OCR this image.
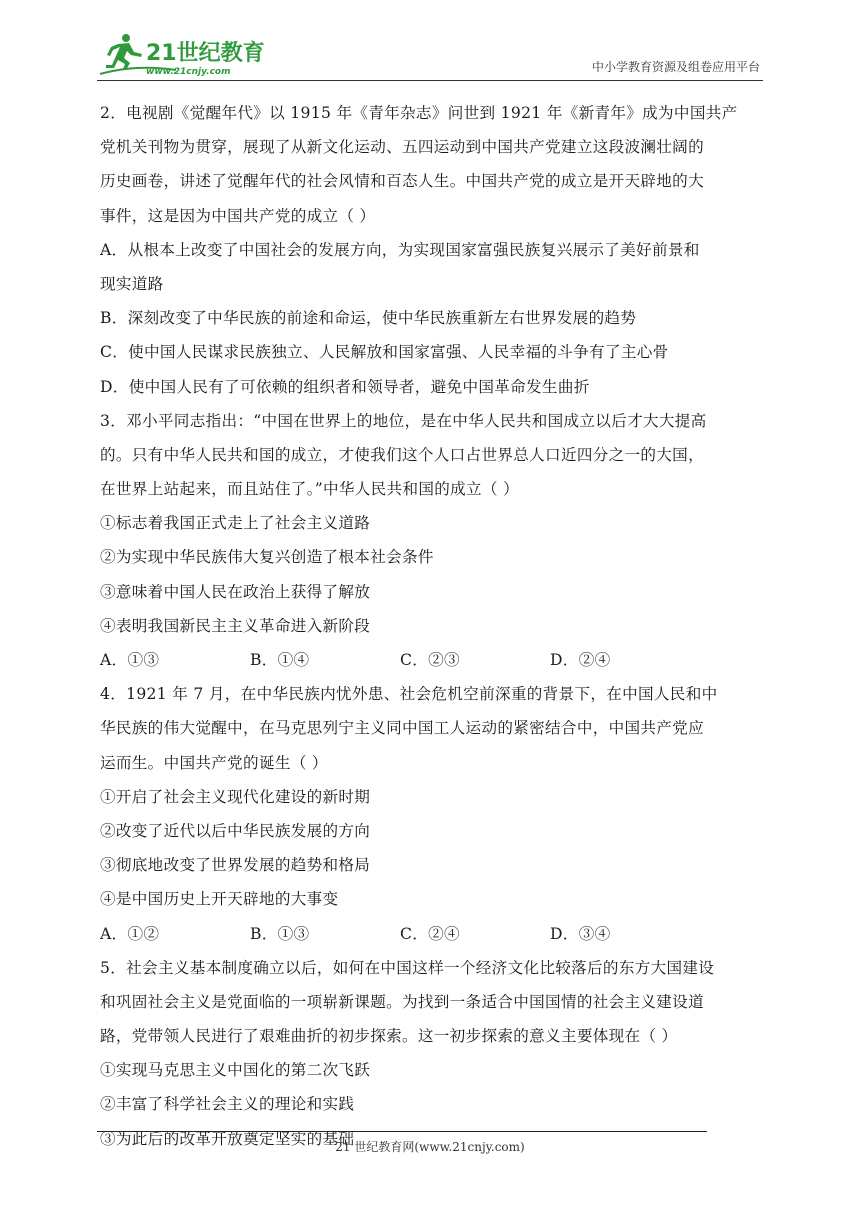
21世纪教育
www.21cnjy.com	中小学教育资源及组卷应用平台
2．电视剧《觉醒年代》以 1915 年《青年杂志》问世到 1921 年《新青年》成为中国共产
党机关刊物为贯穿，展现了从新文化运动、五四运动到中国共产党建立这段波澜壮阔的
历史画卷，讲述了觉醒年代的社会风情和百态人生。中国共产党的成立是开天辟地的大
事件，这是因为中国共产党的成立（ ）
A．从根本上改变了中国社会的发展方向，为实现国家富强民族复兴展示了美好前景和
现实道路
B．深刻改变了中华民族的前途和命运，使中华民族重新左右世界发展的趋势
C．使中国人民谋求民族独立、人民解放和国家富强、人民幸福的斗争有了主心骨
D．使中国人民有了可依赖的组织者和领导者，避免中国革命发生曲折
3．邓小平同志指出：“中国在世界上的地位，是在中华人民共和国成立以后才大大提高
的。只有中华人民共和国的成立，才使我们这个人口占世界总人口近四分之一的大国，
在世界上站起来，而且站住了。”中华人民共和国的成立（ ）
①标志着我国正式走上了社会主义道路
②为实现中华民族伟大复兴创造了根本社会条件
③意味着中国人民在政治上获得了解放
④表明我国新民主主义革命进入新阶段
A．①③	B．①④	C．②③	D．②④
4．1921 年 7 月，在中华民族内忧外患、社会危机空前深重的背景下，在中国人民和中
华民族的伟大觉醒中，在马克思列宁主义同中国工人运动的紧密结合中，中国共产党应
运而生。中国共产党的诞生（ ）
①开启了社会主义现代化建设的新时期
②改变了近代以后中华民族发展的方向
③彻底地改变了世界发展的趋势和格局
④是中国历史上开天辟地的大事变
A．①②	B．①③	C．②④	D．③④
5．社会主义基本制度确立以后，如何在中国这样一个经济文化比较落后的东方大国建设
和巩固社会主义是党面临的一项崭新课题。为找到一条适合中国国情的社会主义建设道
路，党带领人民进行了艰难曲折的初步探索。这一初步探索的意义主要体现在（ ）
①实现马克思主义中国化的第二次飞跃
②丰富了科学社会主义的理论和实践
③为此后的改革开放奠定坚实的基础
21 世纪教育网(www.21cnjy.com)
